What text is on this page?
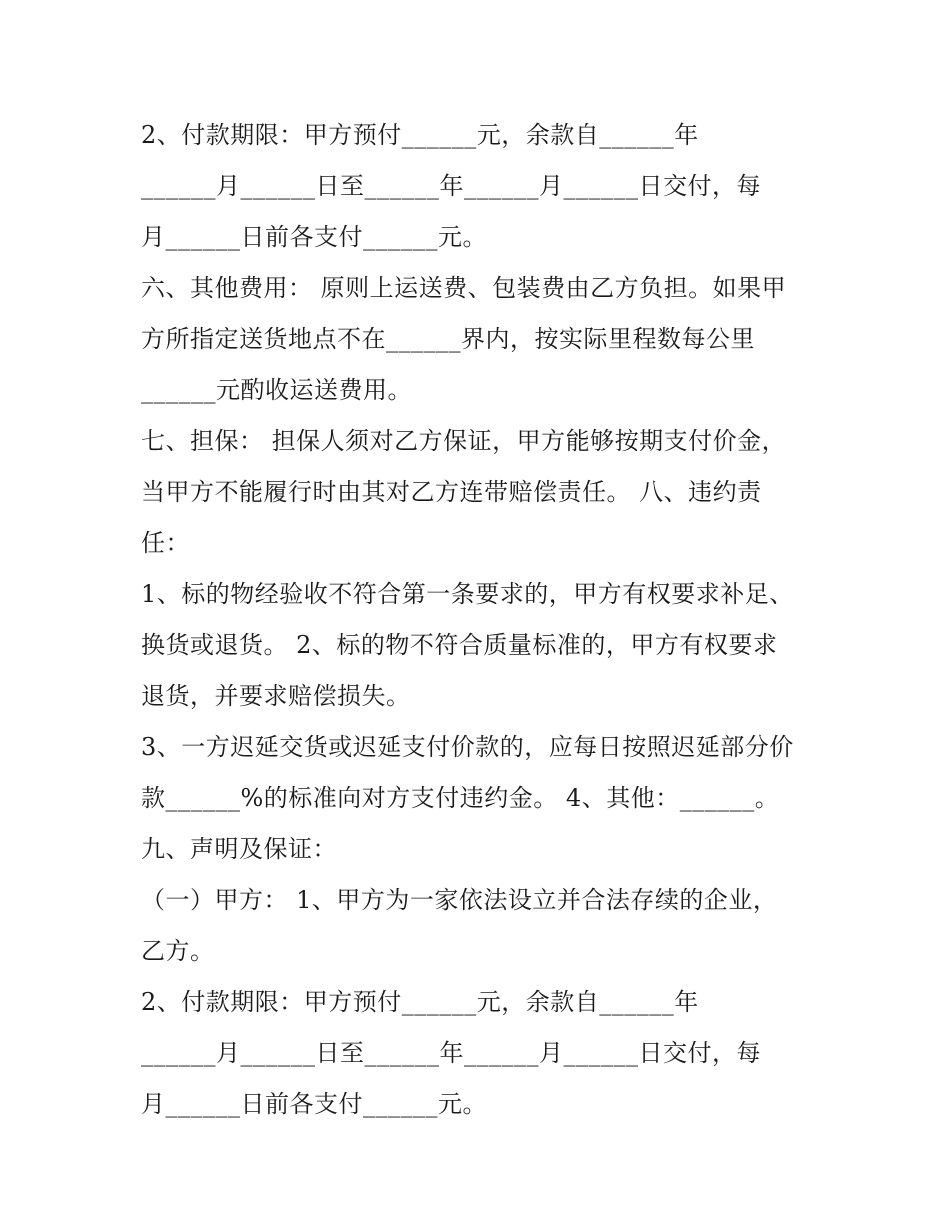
2、付款期限：甲方预付______元，余款自______年
______月______日至______年______月______日交付，每
月______日前各支付______元。
六、其他费用： 原则上运送费、包装费由乙方负担。如果甲
方所指定送货地点不在______界内，按实际里程数每公里
______元酌收运送费用。
七、担保： 担保人须对乙方保证，甲方能够按期支付价金，
当甲方不能履行时由其对乙方连带赔偿责任。 八、违约责
任：
1、标的物经验收不符合第一条要求的，甲方有权要求补足、
换货或退货。 2、标的物不符合质量标准的，甲方有权要求
退货，并要求赔偿损失。
3、一方迟延交货或迟延支付价款的，应每日按照迟延部分价
款______%的标准向对方支付违约金。 4、其他：______。
九、声明及保证：
（一）甲方： 1、甲方为一家依法设立并合法存续的企业，
乙方。
2、付款期限：甲方预付______元，余款自______年
______月______日至______年______月______日交付，每
月______日前各支付______元。
